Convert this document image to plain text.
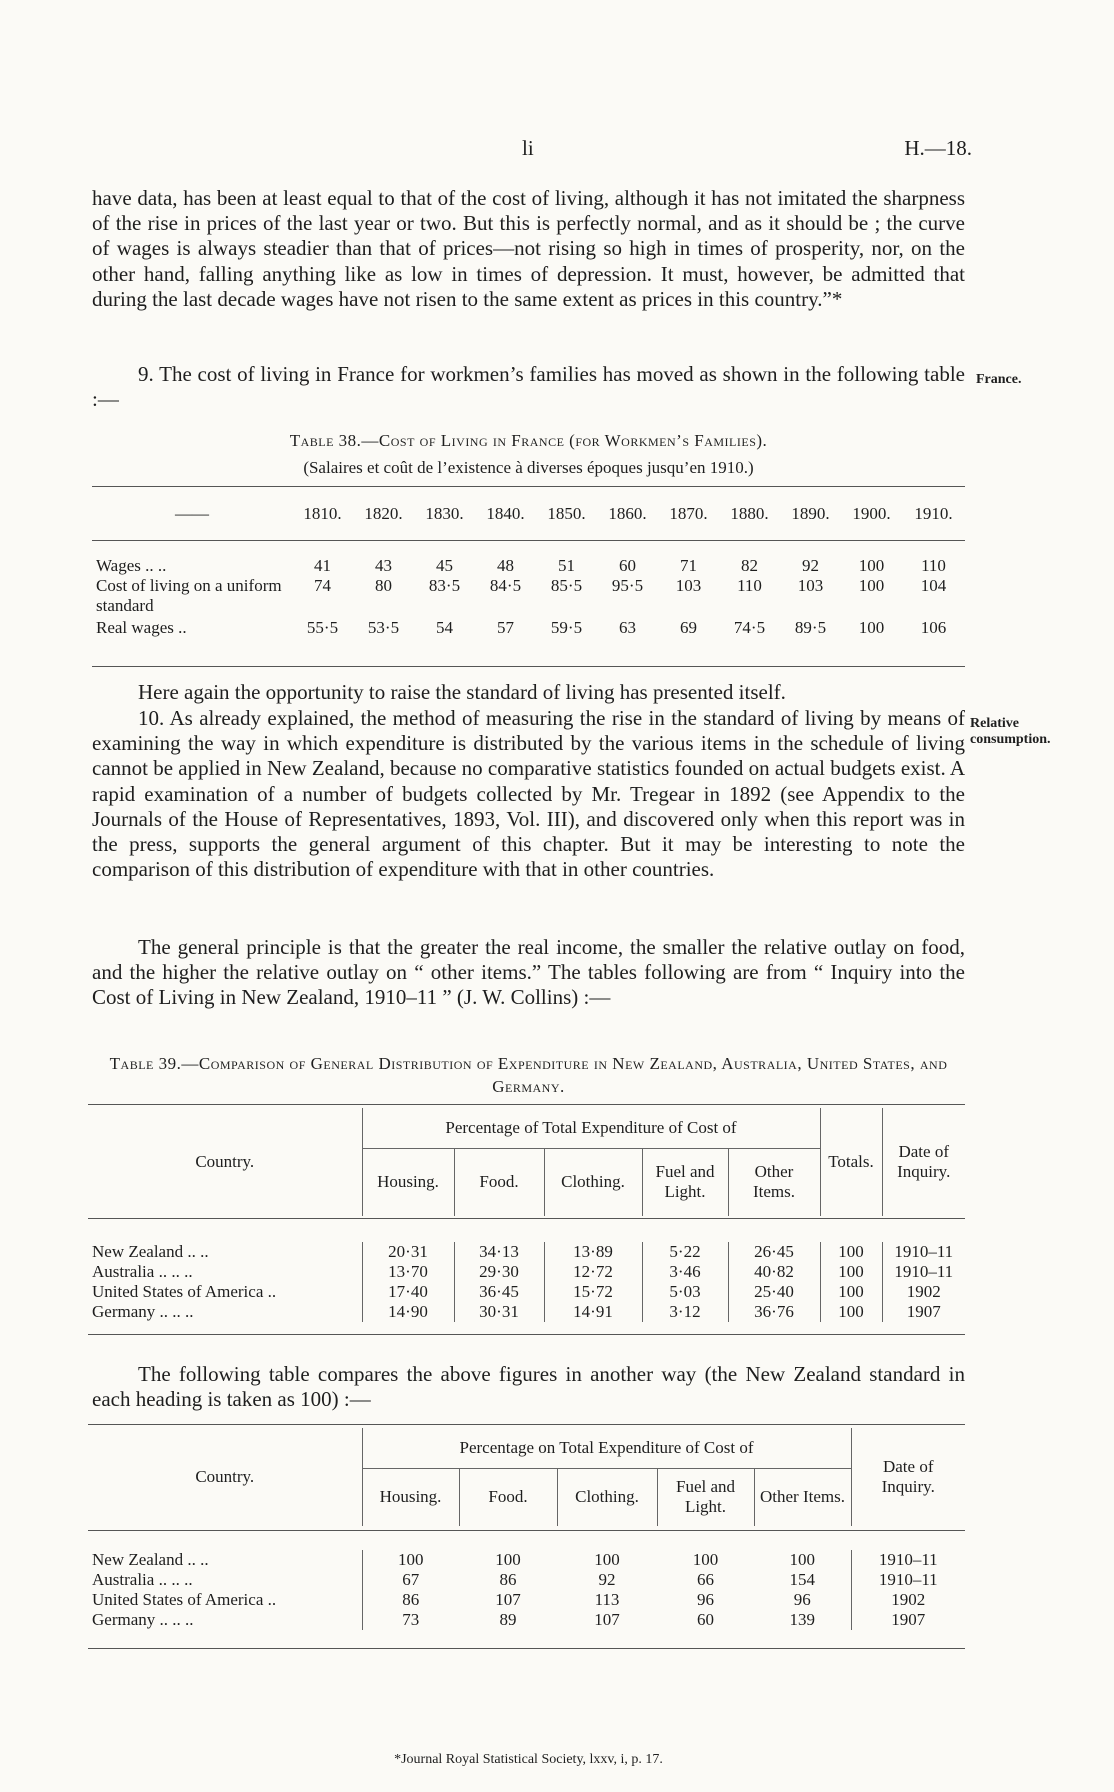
li	H.—18.

have data, has been at least equal to that of the cost of living, although it has not imitated the sharpness of the rise in prices of the last year or two. But this is perfectly normal, and as it should be ; the curve of wages is always steadier than that of prices—not rising so high in times of prosperity, nor, on the other hand, falling anything like as low in times of depression. It must, however, be admitted that during the last decade wages have not risen to the same extent as prices in this country.”*

9. The cost of living in France for workmen’s families has moved as shown in the following table :—

France.
Table 38.—Cost of Living in France (for Workmen’s Families).
(Salaires et coût de l’existence à diverses époques jusqu’en 1910.)
——	1810.	1820.	1830.	1840.	1850.	1860.	1870.	1880.	1890.	1900.	1910.

Wages .. ..	41	43	45	48	51	60	71	82	92	100	110
Cost of living on a uniform standard	74	80	83·5	84·5	85·5	95·5	103	110	103	100	104
Real wages ..	55·5	53·5	54	57	59·5	63	69	74·5	89·5	100	106

Here again the opportunity to raise the standard of living has presented itself.

10. As already explained, the method of measuring the rise in the standard of living by means of examining the way in which expenditure is distributed by the various items in the schedule of living cannot be applied in New Zealand, because no comparative statistics founded on actual budgets exist. A rapid examination of a number of budgets collected by Mr. Tregear in 1892 (see Appendix to the Journals of the House of Representatives, 1893, Vol. III), and discovered only when this report was in the press, supports the general argument of this chapter. But it may be interesting to note the comparison of this distribution of expenditure with that in other countries.

Relative
consumption.

The general principle is that the greater the real income, the smaller the relative outlay on food, and the higher the relative outlay on “ other items.” The tables following are from “ Inquiry into the Cost of Living in New Zealand, 1910–11 ” (J. W. Collins) :—

Table 39.—Comparison of General Distribution of Expenditure in New Zealand, Australia, United States, and Germany.
Country.	Percentage of Total Expenditure of Cost of					Totals.	Date of Inquiry.
	Housing.	Food.	Clothing.	Fuel and Light.	Other Items.		

New Zealand .. ..	20·31	34·13	13·89	5·22	26·45	100	1910–11
Australia .. .. ..	13·70	29·30	12·72	3·46	40·82	100	1910–11
United States of America ..	17·40	36·45	15·72	5·03	25·40	100	1902
Germany .. .. ..	14·90	30·31	14·91	3·12	36·76	100	1907

The following table compares the above figures in another way (the New Zealand standard in each heading is taken as 100) :—

Country.	Percentage on Total Expenditure of Cost of					Date of Inquiry.
	Housing.	Food.	Clothing.	Fuel and Light.	Other Items.	

New Zealand .. ..	100	100	100	100	100	1910–11
Australia .. .. ..	67	86	92	66	154	1910–11
United States of America ..	86	107	113	96	96	1902
Germany .. .. ..	73	89	107	60	139	1907
*Journal Royal Statistical Society, lxxv, i, p. 17.
